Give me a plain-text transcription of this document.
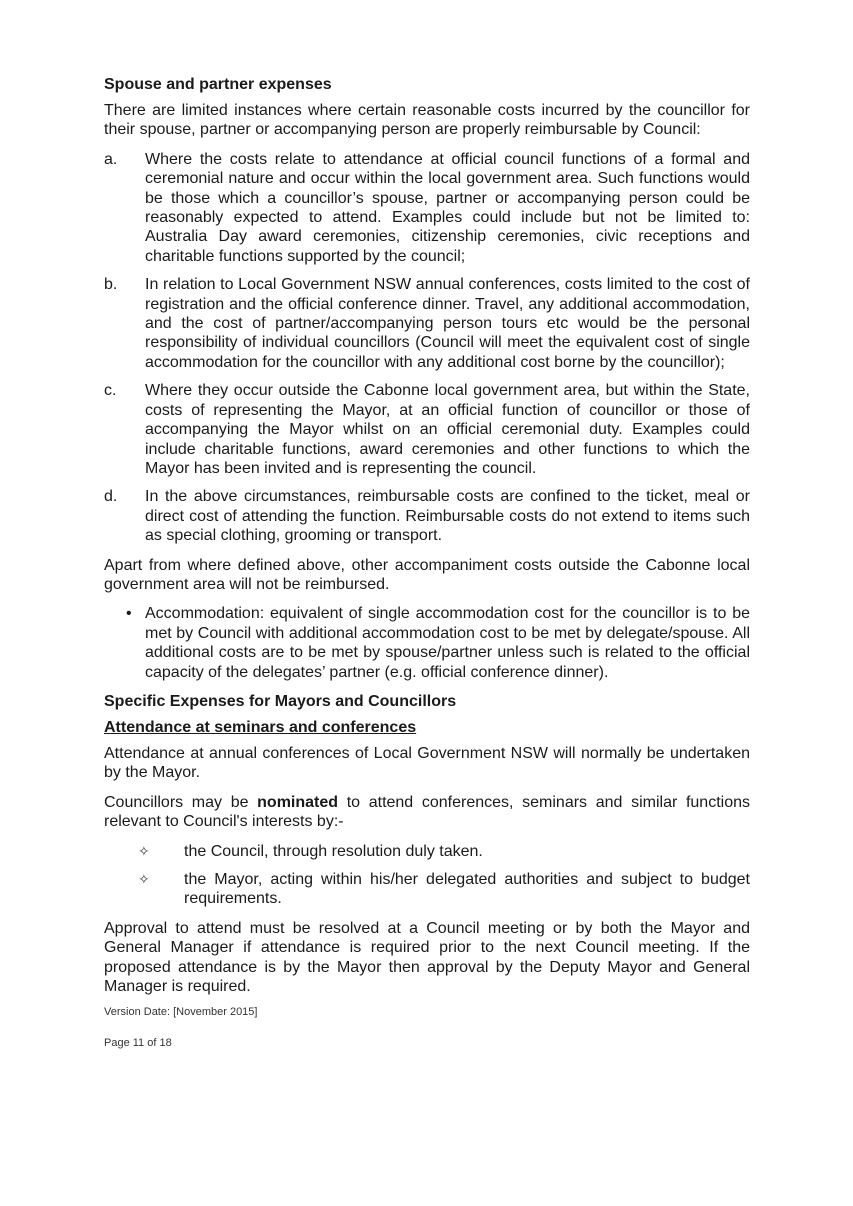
Spouse and partner expenses

There are limited instances where certain reasonable costs incurred by the councillor for their spouse, partner or accompanying person are properly reimbursable by Council:

a. Where the costs relate to attendance at official council functions of a formal and ceremonial nature and occur within the local government area. Such functions would be those which a councillor’s spouse, partner or accompanying person could be reasonably expected to attend. Examples could include but not be limited to: Australia Day award ceremonies, citizenship ceremonies, civic receptions and charitable functions supported by the council;
b. In relation to Local Government NSW annual conferences, costs limited to the cost of registration and the official conference dinner. Travel, any additional accommodation, and the cost of partner/accompanying person tours etc would be the personal responsibility of individual councillors (Council will meet the equivalent cost of single accommodation for the councillor with any additional cost borne by the councillor);
c. Where they occur outside the Cabonne local government area, but within the State, costs of representing the Mayor, at an official function of councillor or those of accompanying the Mayor whilst on an official ceremonial duty. Examples could include charitable functions, award ceremonies and other functions to which the Mayor has been invited and is representing the council.
d. In the above circumstances, reimbursable costs are confined to the ticket, meal or direct cost of attending the function. Reimbursable costs do not extend to items such as special clothing, grooming or transport.

Apart from where defined above, other accompaniment costs outside the Cabonne local government area will not be reimbursed.

• Accommodation: equivalent of single accommodation cost for the councillor is to be met by Council with additional accommodation cost to be met by delegate/spouse. All additional costs are to be met by spouse/partner unless such is related to the official capacity of the delegates’ partner (e.g. official conference dinner).
Specific Expenses for Mayors and Councillors
Attendance at seminars and conferences

Attendance at annual conferences of Local Government NSW will normally be undertaken by the Mayor.

Councillors may be nominated to attend conferences, seminars and similar functions relevant to Council's interests by:-

✧ the Council, through resolution duly taken.
✧ the Mayor, acting within his/her delegated authorities and subject to budget requirements.

Approval to attend must be resolved at a Council meeting or by both the Mayor and General Manager if attendance is required prior to the next Council meeting. If the proposed attendance is by the Mayor then approval by the Deputy Mayor and General Manager is required.

Version Date: [November 2015]

Page 11 of 18
